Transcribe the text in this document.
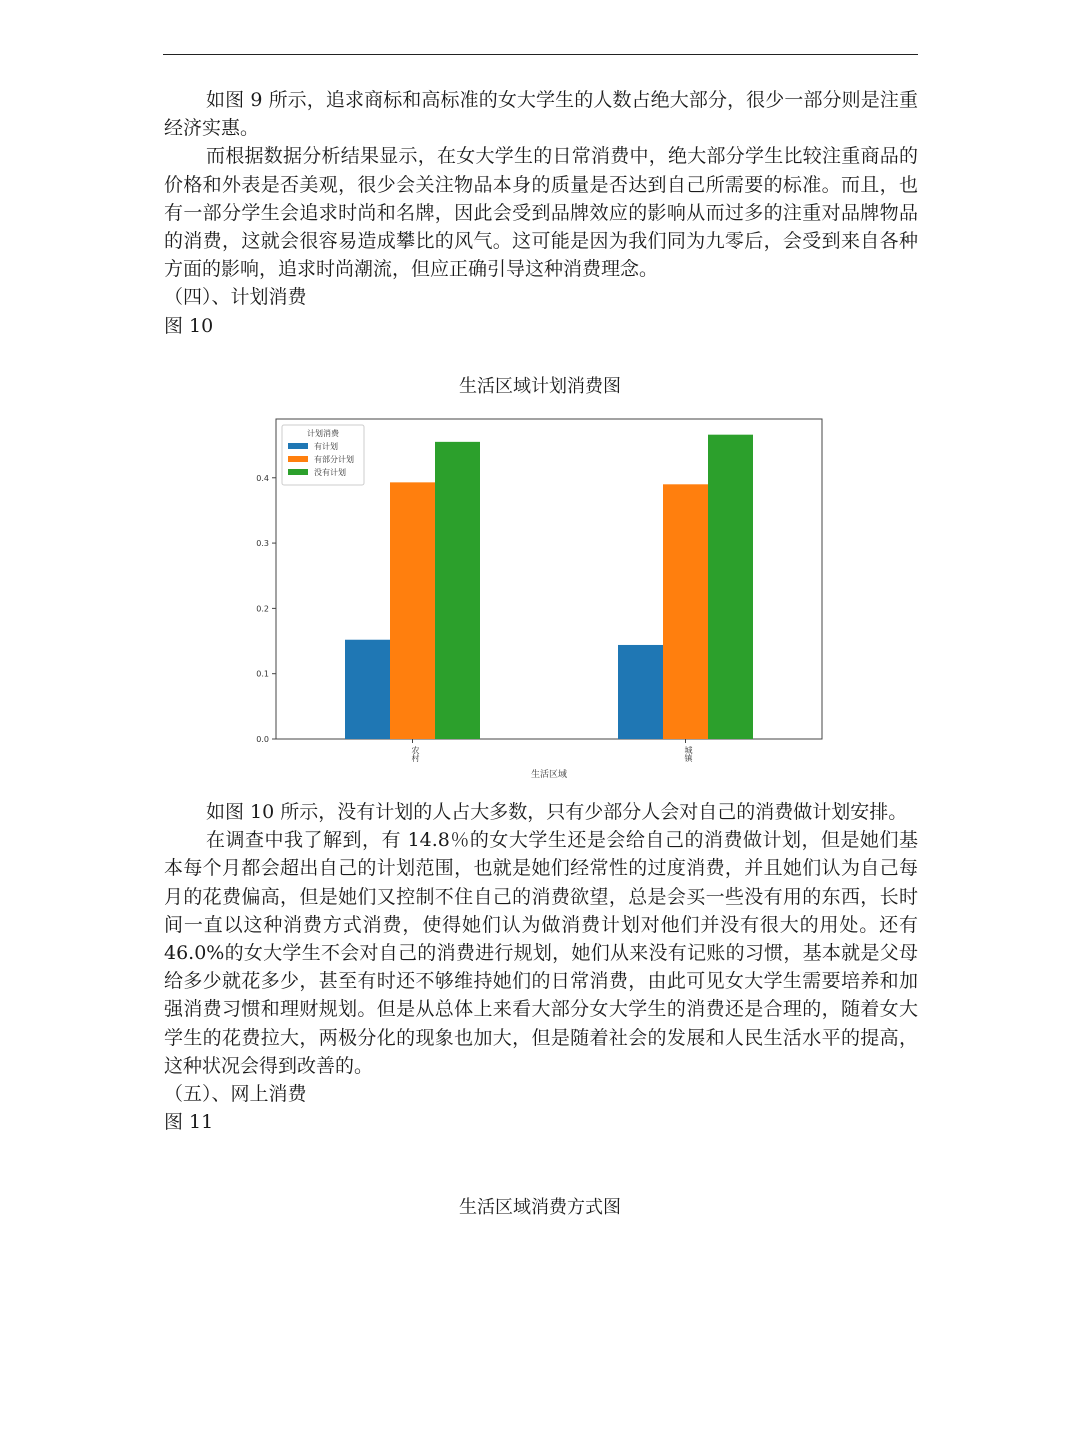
如图 9 所示，追求商标和高标准的女大学生的人数占绝大部分，很少一部分则是注重经济实惠。

而根据数据分析结果显示，在女大学生的日常消费中，绝大部分学生比较注重商品的价格和外表是否美观，很少会关注物品本身的质量是否达到自己所需要的标准。而且，也有一部分学生会追求时尚和名牌，因此会受到品牌效应的影响从而过多的注重对品牌物品的消费，这就会很容易造成攀比的风气。这可能是因为我们同为九零后，会受到来自各种方面的影响，追求时尚潮流，但应正确引导这种消费理念。

（四）、计划消费

图 10

生活区域计划消费图
0.0
0.1
0.2
0.3
0.4
农村	城镇
生活区域
计划消费
有计划
有部分计划
没有计划

如图 10 所示，没有计划的人占大多数，只有少部分人会对自己的消费做计划安排。

在调查中我了解到，有 14.8％的女大学生还是会给自己的消费做计划，但是她们基本每个月都会超出自己的计划范围，也就是她们经常性的过度消费，并且她们认为自己每月的花费偏高，但是她们又控制不住自己的消费欲望，总是会买一些没有用的东西，长时间一直以这种消费方式消费，使得她们认为做消费计划对他们并没有很大的用处。还有 46.0%的女大学生不会对自己的消费进行规划，她们从来没有记账的习惯，基本就是父母给多少就花多少，甚至有时还不够维持她们的日常消费，由此可见女大学生需要培养和加强消费习惯和理财规划。但是从总体上来看大部分女大学生的消费还是合理的，随着女大学生的花费拉大，两极分化的现象也加大，但是随着社会的发展和人民生活水平的提高，这种状况会得到改善的。

（五）、网上消费

图 11

生活区域消费方式图
